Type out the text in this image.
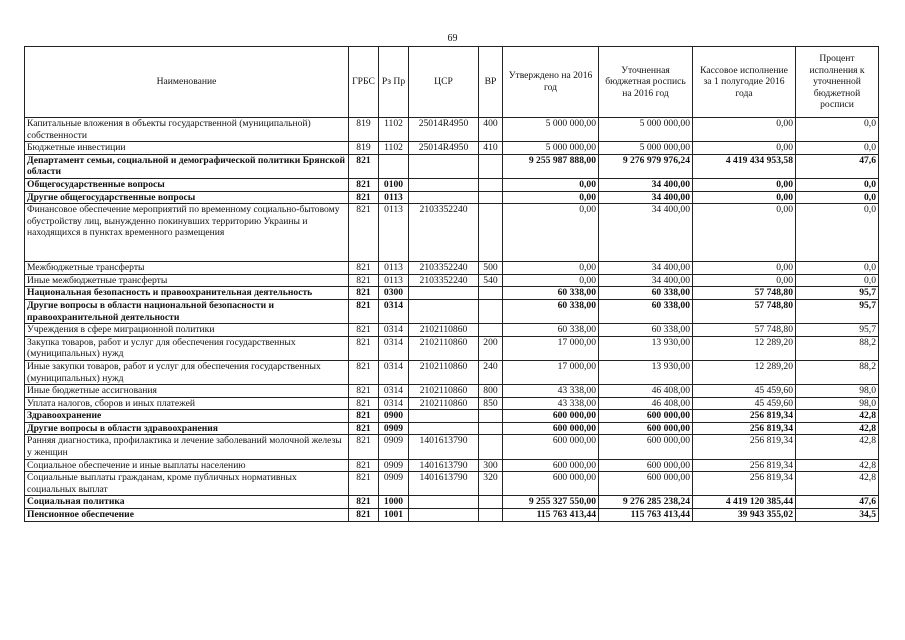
69
Наименование	ГРБС	Рз Пр	ЦСР	ВР	Утверждено на 2016 год	Уточненная бюджетная роспись на 2016 год	Кассовое исполнение за 1 полугодие 2016 года	Процент исполнения к уточненной бюджетной росписи
Капитальные вложения в объекты государственной (муниципальной) собственности	819	1102	25014R4950	400	5 000 000,00	5 000 000,00	0,00	0,0
Бюджетные инвестиции	819	1102	25014R4950	410	5 000 000,00	5 000 000,00	0,00	0,0
Департамент семьи, социальной и демографической политики Брянской области	821				9 255 987 888,00	9 276 979 976,24	4 419 434 953,58	47,6
Общегосударственные вопросы	821	0100			0,00	34 400,00	0,00	0,0
Другие общегосударственные вопросы	821	0113			0,00	34 400,00	0,00	0,0
Финансовое обеспечение мероприятий по временному социально-бытовому обустройству лиц, вынужденно покинувших территорию Украины и находящихся в пунктах временного размещения	821	0113	2103352240		0,00	34 400,00	0,00	0,0
Межбюджетные трансферты	821	0113	2103352240	500	0,00	34 400,00	0,00	0,0
Иные межбюджетные трансферты	821	0113	2103352240	540	0,00	34 400,00	0,00	0,0
Национальная безопасность и правоохранительная деятельность	821	0300			60 338,00	60 338,00	57 748,80	95,7
Другие вопросы в области национальной безопасности и правоохранительной деятельности	821	0314			60 338,00	60 338,00	57 748,80	95,7
Учреждения в сфере миграционной политики	821	0314	2102110860		60 338,00	60 338,00	57 748,80	95,7
Закупка товаров, работ и услуг для обеспечения государственных (муниципальных) нужд	821	0314	2102110860	200	17 000,00	13 930,00	12 289,20	88,2
Иные закупки товаров, работ и услуг для обеспечения государственных (муниципальных) нужд	821	0314	2102110860	240	17 000,00	13 930,00	12 289,20	88,2
Иные бюджетные ассигнования	821	0314	2102110860	800	43 338,00	46 408,00	45 459,60	98,0
Уплата налогов, сборов и иных платежей	821	0314	2102110860	850	43 338,00	46 408,00	45 459,60	98,0
Здравоохранение	821	0900			600 000,00	600 000,00	256 819,34	42,8
Другие вопросы в области здравоохранения	821	0909			600 000,00	600 000,00	256 819,34	42,8
Ранняя диагностика, профилактика и лечение заболеваний молочной железы у женщин	821	0909	1401613790		600 000,00	600 000,00	256 819,34	42,8
Социальное обеспечение и иные выплаты населению	821	0909	1401613790	300	600 000,00	600 000,00	256 819,34	42,8
Социальные выплаты гражданам, кроме публичных нормативных социальных выплат	821	0909	1401613790	320	600 000,00	600 000,00	256 819,34	42,8
Социальная политика	821	1000			9 255 327 550,00	9 276 285 238,24	4 419 120 385,44	47,6
Пенсионное обеспечение	821	1001			115 763 413,44	115 763 413,44	39 943 355,02	34,5
